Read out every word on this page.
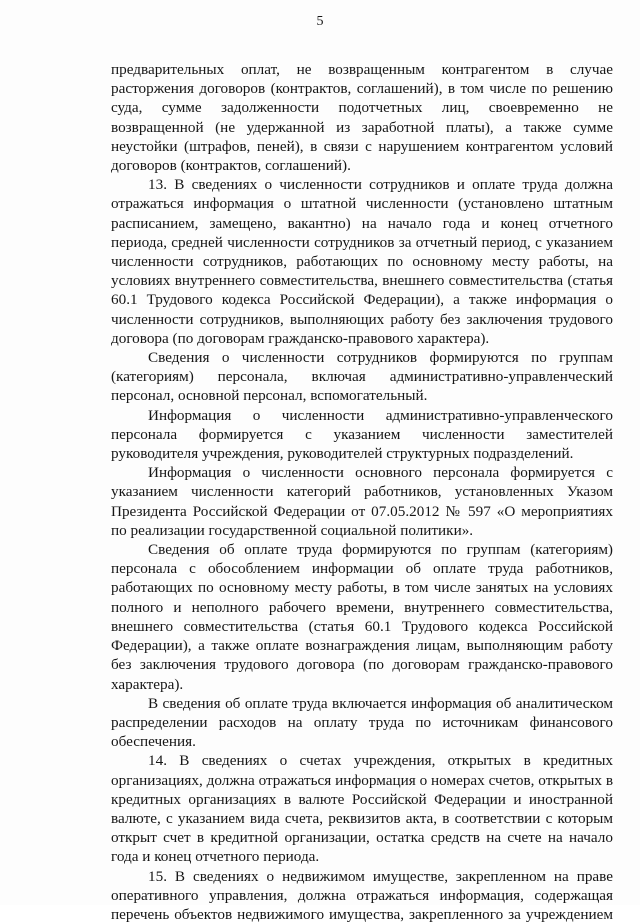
5

предварительных оплат, не возвращенным контрагентом в случае расторжения договоров (контрактов, соглашений), в том числе по решению суда, сумме задолженности подотчетных лиц, своевременно не возвращенной (не удержанной из заработной платы), а также сумме неустойки (штрафов, пеней), в связи с нарушением контрагентом условий договоров (контрактов, соглашений).

13. В сведениях о численности сотрудников и оплате труда должна отражаться информация о штатной численности (установлено штатным расписанием, замещено, вакантно) на начало года и конец отчетного периода, средней численности сотрудников за отчетный период, с указанием численности сотрудников, работающих по основному месту работы, на условиях внутреннего совместительства, внешнего совместительства (статья 60.1 Трудового кодекса Российской Федерации), а также информация о численности сотрудников, выполняющих работу без заключения трудового договора (по договорам гражданско-правового характера).

Сведения о численности сотрудников формируются по группам (категориям) персонала, включая административно-управленческий персонал, основной персонал, вспомогательный.

Информация о численности административно-управленческого персонала формируется с указанием численности заместителей руководителя учреждения, руководителей структурных подразделений.

Информация о численности основного персонала формируется с указанием численности категорий работников, установленных Указом Президента Российской Федерации от 07.05.2012 № 597 «О мероприятиях по реализации государственной социальной политики».

Сведения об оплате труда формируются по группам (категориям) персонала с обособлением информации об оплате труда работников, работающих по основному месту работы, в том числе занятых на условиях полного и неполного рабочего времени, внутреннего совместительства, внешнего совместительства (статья 60.1 Трудового кодекса Российской Федерации), а также оплате вознаграждения лицам, выполняющим работу без заключения трудового договора (по договорам гражданско-правового характера).

В сведения об оплате труда включается информация об аналитическом распределении расходов на оплату труда по источникам финансового обеспечения.

14. В сведениях о счетах учреждения, открытых в кредитных организациях, должна отражаться информация о номерах счетов, открытых в кредитных организациях в валюте Российской Федерации и иностранной валюте, с указанием вида счета, реквизитов акта, в соответствии с которым открыт счет в кредитной организации, остатка средств на счете на начало года и конец отчетного периода.

15. В сведениях о недвижимом имуществе, закрепленном на праве оперативного управления, должна отражаться информация, содержащая перечень объектов недвижимого имущества, закрепленного за учреждением
